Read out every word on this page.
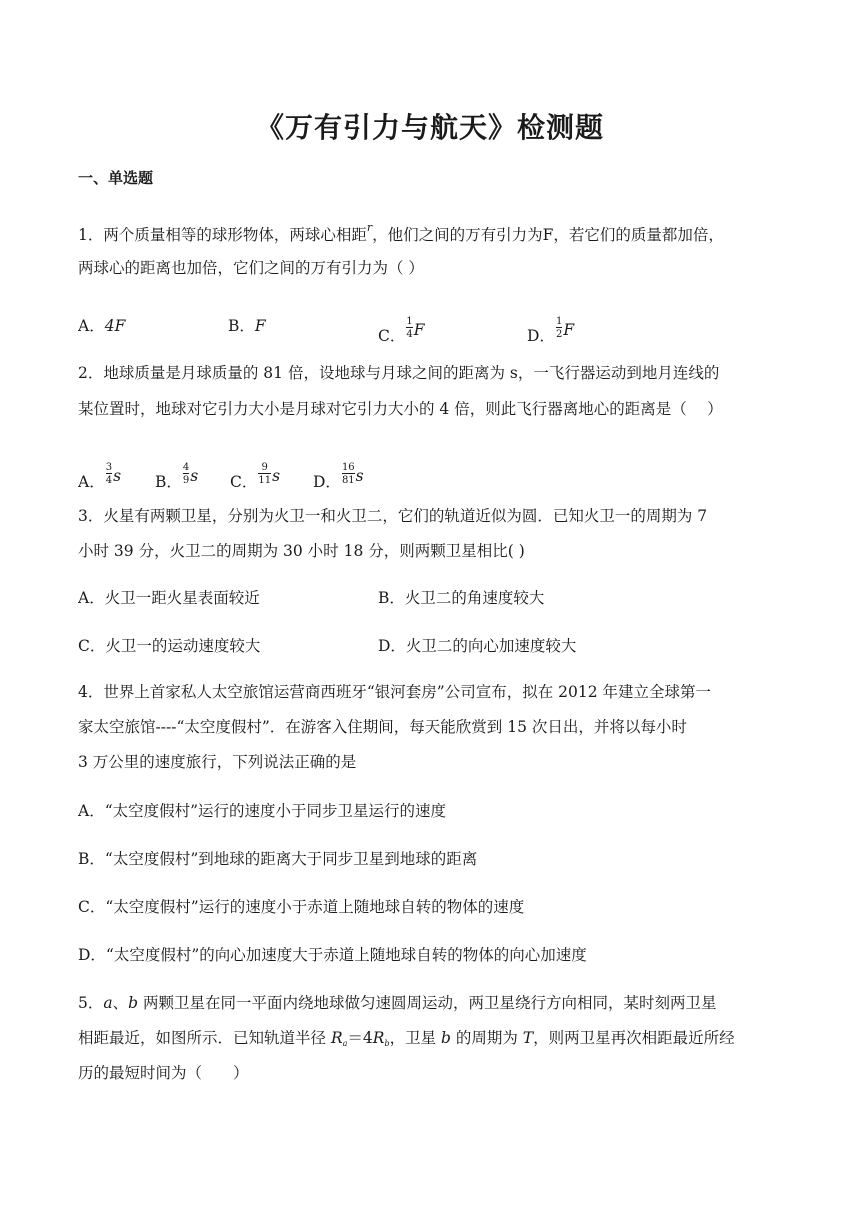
《万有引力与航天》检测题
一、单选题
1．两个质量相等的球形物体，两球心相距$^r$，他们之间的万有引力为F，若它们的质量都加倍，
两球心的距离也加倍，它们之间的万有引力为（ ）
A．4F	B．F
C． $\frac{1}{4}$ F	D． $\frac{1}{2}$ F
2．地球质量是月球质量的 81 倍，设地球与月球之间的距离为 s，一飞行器运动到地月连线的
某位置时，地球对它引力大小是月球对它引力大小的 4 倍，则此飞行器离地心的距离是（　 ）
A． $\frac{3}{4}$ s B． $\frac{4}{9}$ s C． $\frac{9}{11}$ s D． $\frac{16}{81}$ s
3．火星有两颗卫星，分别为火卫一和火卫二，它们的轨道近似为圆．已知火卫一的周期为 7
小时 39 分，火卫二的周期为 30 小时 18 分，则两颗卫星相比( )
A．火卫一距火星表面较近	B．火卫二的角速度较大
C．火卫一的运动速度较大	D．火卫二的向心加速度较大
4．世界上首家私人太空旅馆运营商西班牙“银河套房”公司宣布，拟在 2012 年建立全球第一
家太空旅馆----“太空度假村”．在游客入住期间，每天能欣赏到 15 次日出，并将以每小时
3 万公里的速度旅行，下列说法正确的是
A．“太空度假村”运行的速度小于同步卫星运行的速度
B．“太空度假村”到地球的距离大于同步卫星到地球的距离
C．“太空度假村”运行的速度小于赤道上随地球自转的物体的速度
D．“太空度假村”的向心加速度大于赤道上随地球自转的物体的向心加速度
5．a、b 两颗卫星在同一平面内绕地球做匀速圆周运动，两卫星绕行方向相同，某时刻两卫星
相距最近，如图所示．已知轨道半径 $R_a=4R_b$，卫星 b 的周期为 T，则两卫星再次相距最近所经
历的最短时间为（　　）
